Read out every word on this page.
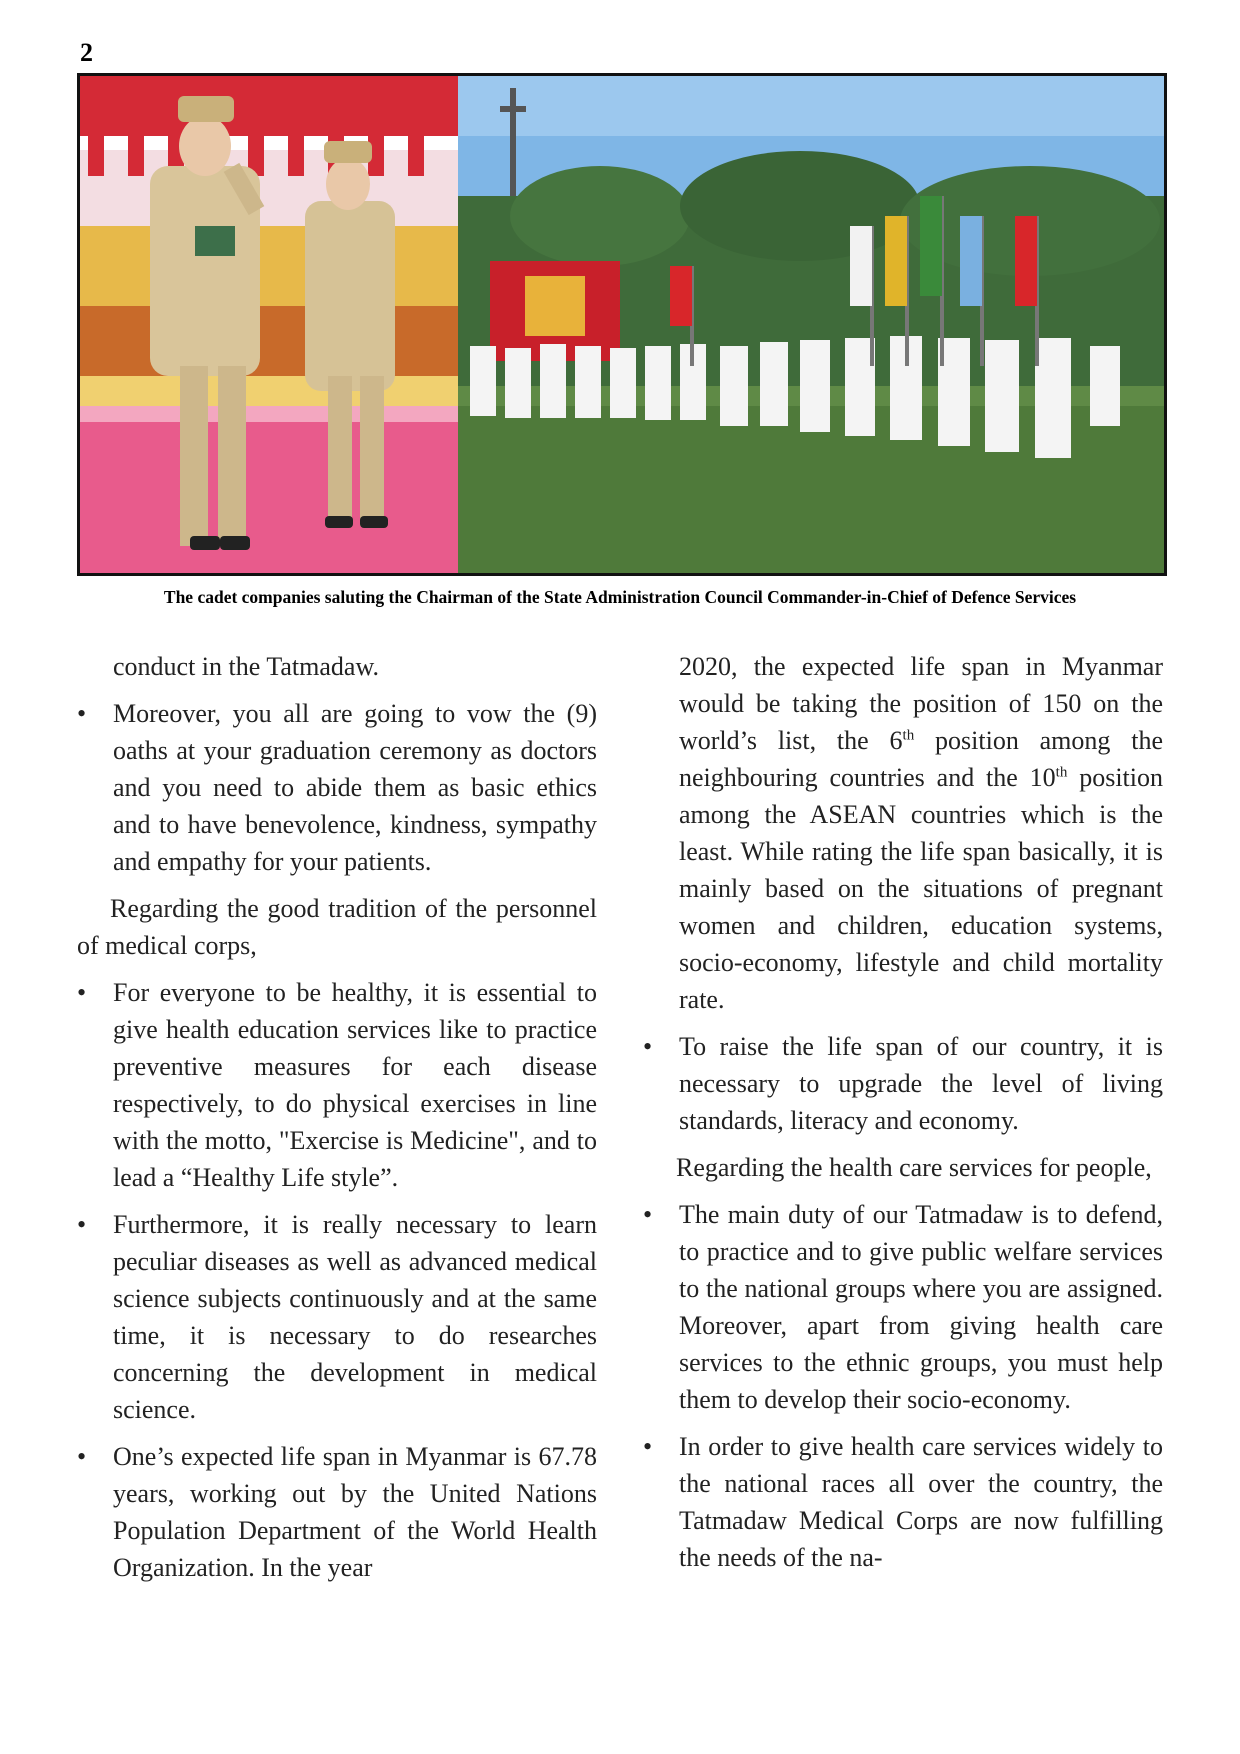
2
The cadet companies saluting the Chairman of the State Administration Council Commander-in-Chief of Defence Services

conduct in the Tatmadaw.

• Moreover, you all are going to vow the (9) oaths at your graduation ceremony as doctors and you need to abide them as basic ethics and to have benevolence, kindness, sympathy and empathy for your patients.

Regarding the good tradition of the personnel of medical corps,

• For everyone to be healthy, it is essential to give health education services like to practice preventive measures for each disease respectively, to do physical exercises in line with the motto, "Exercise is Medicine", and to lead a “Healthy Life style”.

• Furthermore, it is really necessary to learn peculiar diseases as well as advanced medical science subjects continuously and at the same time, it is necessary to do researches concerning the development in medical science.

• One’s expected life span in Myanmar is 67.78 years, working out by the United Nations Population Department of the World Health Organization. In the year

2020, the expected life span in Myanmar would be taking the position of 150 on the world’s list, the 6th position among the neighbouring countries and the 10th position among the ASEAN countries which is the least. While rating the life span basically, it is mainly based on the situations of pregnant women and children, education systems, socio-economy, lifestyle and child mortality rate.

• To raise the life span of our country, it is necessary to upgrade the level of living standards, literacy and economy.

Regarding the health care services for people,

• The main duty of our Tatmadaw is to defend, to practice and to give public welfare services to the national groups where you are assigned. Moreover, apart from giving health care services to the ethnic groups, you must help them to develop their socio-economy.

• In order to give health care services widely to the national races all over the country, the Tatmadaw Medical Corps are now fulfilling the needs of the na-
